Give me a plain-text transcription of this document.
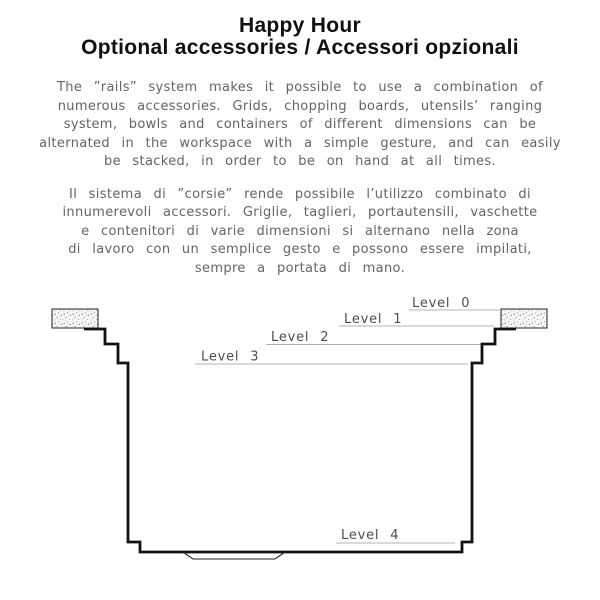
Happy Hour
Optional accessories / Accessori opzionali
The ”rails” system makes it possible to use a combination of
numerous accessories. Grids, chopping boards, utensils’ ranging
system, bowls and containers of different dimensions can be
alternated in the workspace with a simple gesture, and can easily
be stacked, in order to be on hand at all times.
Il sistema di ”corsie” rende possibile l’utilizzo combinato di
innumerevoli accessori. Griglie, taglieri, portautensili, vaschette
e contenitori di varie dimensioni si alternano nella zona
di lavoro con un semplice gesto e possono essere impilati,
sempre a portata di mano.
Level 0
Level 1
Level 2
Level 3
Level 4
